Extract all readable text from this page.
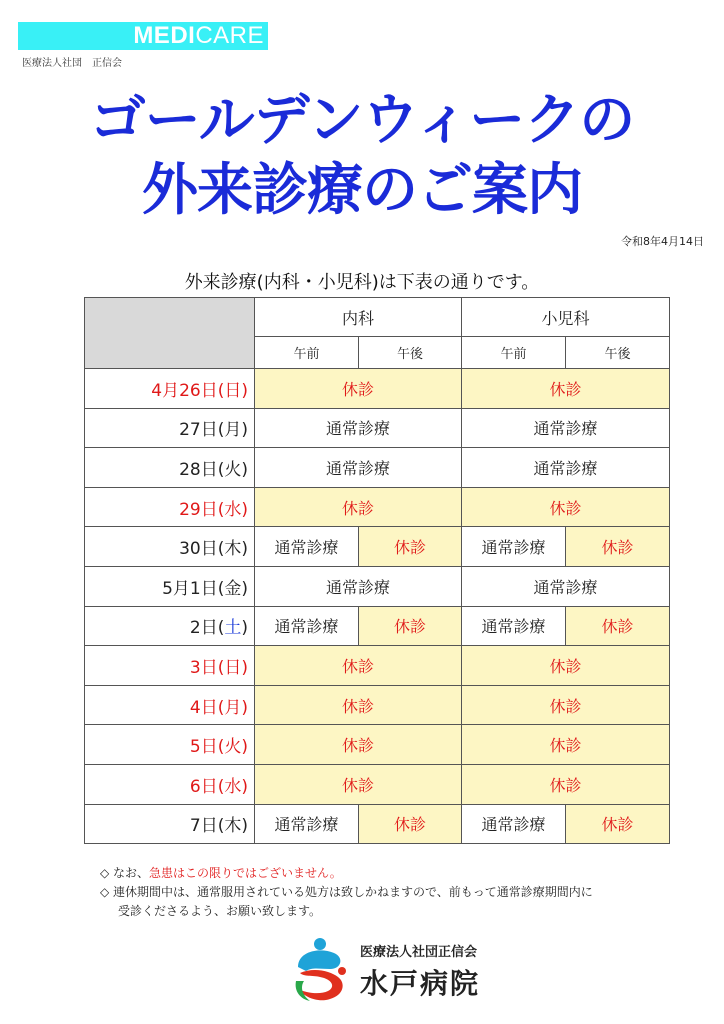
MEDICARE
医療法人社団　正信会
ゴールデンウィークの
外来診療のご案内
令和8年4月14日
外来診療(内科・小児科)は下表の通りです。
	内科		小児科	
	午前	午後	午前	午後
4月26日(日)	休診		休診	
27日(月)	通常診療		通常診療	
28日(火)	通常診療		通常診療	
29日(水)	休診		休診	
30日(木)	通常診療	休診	通常診療	休診
5月1日(金)	通常診療		通常診療	
2日(土)	通常診療	休診	通常診療	休診
3日(日)	休診		休診	
4日(月)	休診		休診	
5日(火)	休診		休診	
6日(水)	休診		休診	
7日(木)	通常診療	休診	通常診療	休診
◇ なお、急患はこの限りではございません。
◇ 連休期間中は、通常服用されている処方は致しかねますので、前もって通常診療期間内に
受診くださるよう、お願い致します。
医療法人社団正信会
水戸病院
